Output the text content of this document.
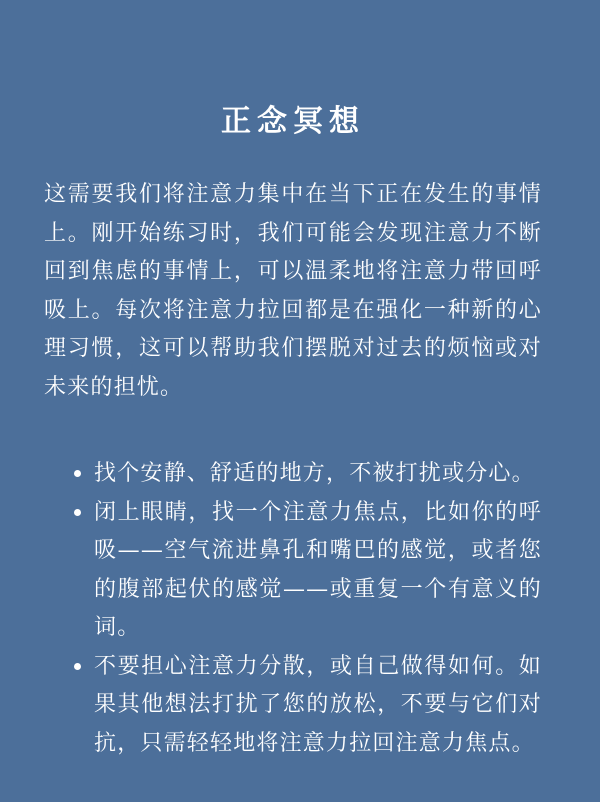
正念冥想

这需要我们将注意力集中在当下正在发生的事情上。刚开始练习时，我们可能会发现注意力不断回到焦虑的事情上，可以温柔地将注意力带回呼吸上。每次将注意力拉回都是在强化一种新的心理习惯，这可以帮助我们摆脱对过去的烦恼或对未来的担忧。

找个安静、舒适的地方，不被打扰或分心。
闭上眼睛，找一个注意力焦点，比如你的呼吸——空气流进鼻孔和嘴巴的感觉，或者您的腹部起伏的感觉——或重复一个有意义的词。
不要担心注意力分散，或自己做得如何。如果其他想法打扰了您的放松，不要与它们对抗，只需轻轻地将注意力拉回注意力焦点。
